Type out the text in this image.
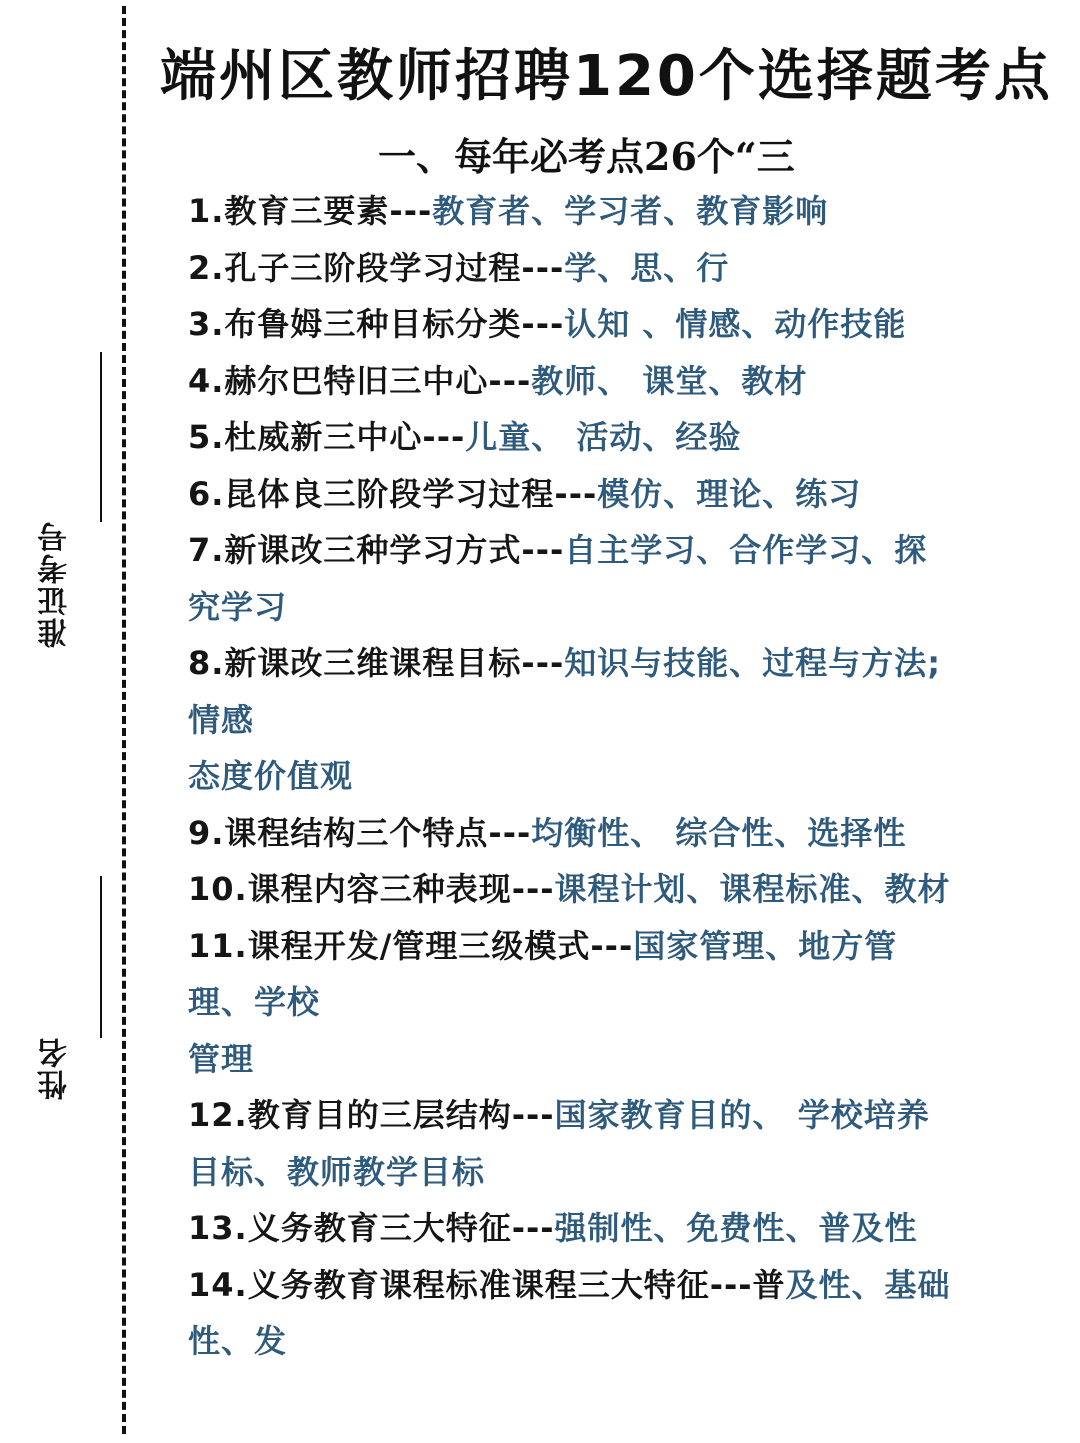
准证考号
性名
端州区教师招聘120个选择题考点
一、每年必考点26个“三
1.教育三要素---教育者、学习者、教育影响
2.孔子三阶段学习过程---学、思、行
3.布鲁姆三种目标分类---认知 、情感、动作技能
4.赫尔巴特旧三中心---教师、 课堂、教材
5.杜威新三中心---儿童、 活动、经验
6.昆体良三阶段学习过程---模仿、理论、练习
7.新课改三种学习方式---自主学习、合作学习、探
究学习
8.新课改三维课程目标---知识与技能、过程与方法;
情感
态度价值观
9.课程结构三个特点---均衡性、 综合性、选择性
10.课程内容三种表现---课程计划、课程标准、教材
11.课程开发/管理三级模式---国家管理、地方管
理、学校
管理
12.教育目的三层结构---国家教育目的、 学校培养
目标、教师教学目标
13.义务教育三大特征---强制性、免费性、普及性
14.义务教育课程标准课程三大特征---普及性、基础
性、发
